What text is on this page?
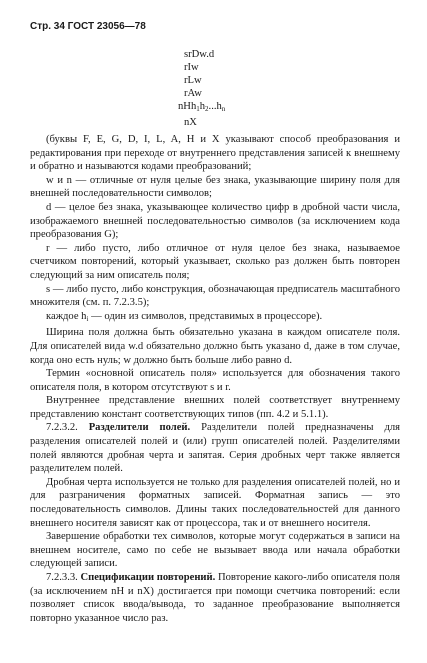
Стр. 34 ГОСТ 23056—78
srDw.d
rIw
rLw
rAw
$nHh_1h_2...h_n$
nX

(буквы F, E, G, D, I, L, A, H и X указывают способ преобразования и редактирования при переходе от внутреннего представления записей к внешнему и обратно и называются кодами преобразований;

w и n — отличные от нуля целые без знака, указывающие ширину поля для внешней последовательности символов;

d — целое без знака, указывающее количество цифр в дробной части числа, изображаемого внешней последовательностью символов (за исключением кода преобразования G);

r — либо пусто, либо отличное от нуля целое без знака, называемое счетчиком повторений, который указывает, сколько раз должен быть повторен следующий за ним описатель поля;

s — либо пусто, либо конструкция, обозначающая предписатель масштабного множителя (см. п. 7.2.3.5);

каждое $h_i$ — один из символов, представимых в процессоре).

Ширина поля должна быть обязательно указана в каждом описателе поля. Для описателей вида w.d обязательно должно быть указано d, даже в том случае, когда оно есть нуль; w должно быть больше либо равно d.

Термин «основной описатель поля» используется для обозначения такого описателя поля, в котором отсутствуют s и r.

Внутреннее представление внешних полей соответствует внутреннему представлению констант соответствующих типов (пп. 4.2 и 5.1.1).

7.2.3.2. Разделители полей. Разделители полей предназначены для разделения описателей полей и (или) групп описателей полей. Разделителями полей являются дробная черта и запятая. Серия дробных черт также является разделителем полей.

Дробная черта используется не только для разделения описателей полей, но и для разграничения форматных записей. Форматная запись — это последовательность символов. Длины таких последовательностей для данного внешнего носителя зависят как от процессора, так и от внешнего носителя.

Завершение обработки тех символов, которые могут содержаться в записи на внешнем носителе, само по себе не вызывает ввода или начала обработки следующей записи.

7.2.3.3. Спецификации повторений. Повторение какого-либо описателя поля (за исключением nH и nX) достигается при помощи счетчика повторений: если позволяет список ввода/вывода, то заданное преобразование выполняется повторно указанное число раз.
